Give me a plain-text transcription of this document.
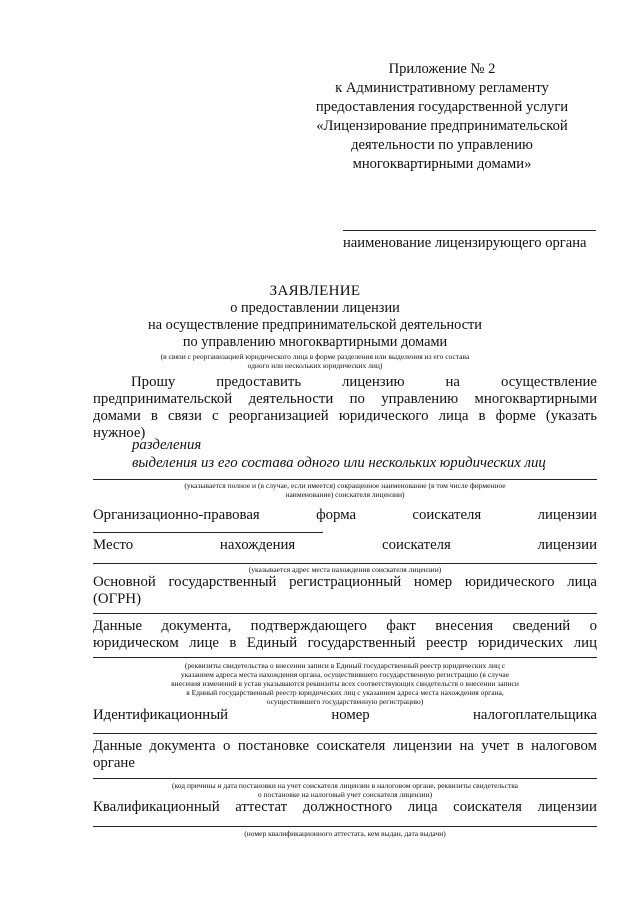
Приложение № 2
к Административному регламенту
предоставления государственной услуги
«Лицензирование предпринимательской
деятельности по управлению
многоквартирными домами»
наименование лицензирующего органа
ЗАЯВЛЕНИЕ
о предоставлении лицензии
на осуществление предпринимательской деятельности
по управлению многоквартирными домами
(в связи с реорганизацией юридического лица в форме разделения или выделения из его состава
одного или нескольких юридических лиц)
Прошу предоставить лицензию на осуществление
предпринимательской деятельности по управлению многоквартирными
домами в связи с реорганизацией юридического лица в форме (указать
нужное)
разделения
выделения из его состава одного или нескольких юридических лиц
(указывается полное и (в случае, если имеется) сокращенное наименование (в том числе фирменное
наименование) соискателя лицензии)
Организационно-правовая	форма	соискателя	лицензии
Место	нахождения	соискателя	лицензии
(указывается адрес места нахождения соискателя лицензии)
Основной государственный регистрационный номер юридического лица
(ОГРН)
Данные документа, подтверждающего факт внесения сведений о
юридическом лице в Единый государственный реестр юридических лиц
(реквизиты свидетельства о внесении записи в Единый государственный реестр юридических лиц с
указанием адреса места нахождения органа, осуществившего государственную регистрацию (в случае
внесения изменений в устав указываются реквизиты всех соответствующих свидетельств о внесении записи
в Единый государственный реестр юридических лиц с указанием адреса места нахождения органа,
осуществившего государственную регистрацию)
Идентификационный	номер	налогоплательщика
Данные документа о постановке соискателя лицензии на учет в налоговом
органе
(код причины и дата постановки на учет соискателя лицензии в налоговом органе, реквизиты свидетельства
о постановке на налоговый учет соискателя лицензии)
Квалификационный аттестат должностного лица соискателя лицензии
(номер квалификационного аттестата, кем выдан, дата выдачи)
